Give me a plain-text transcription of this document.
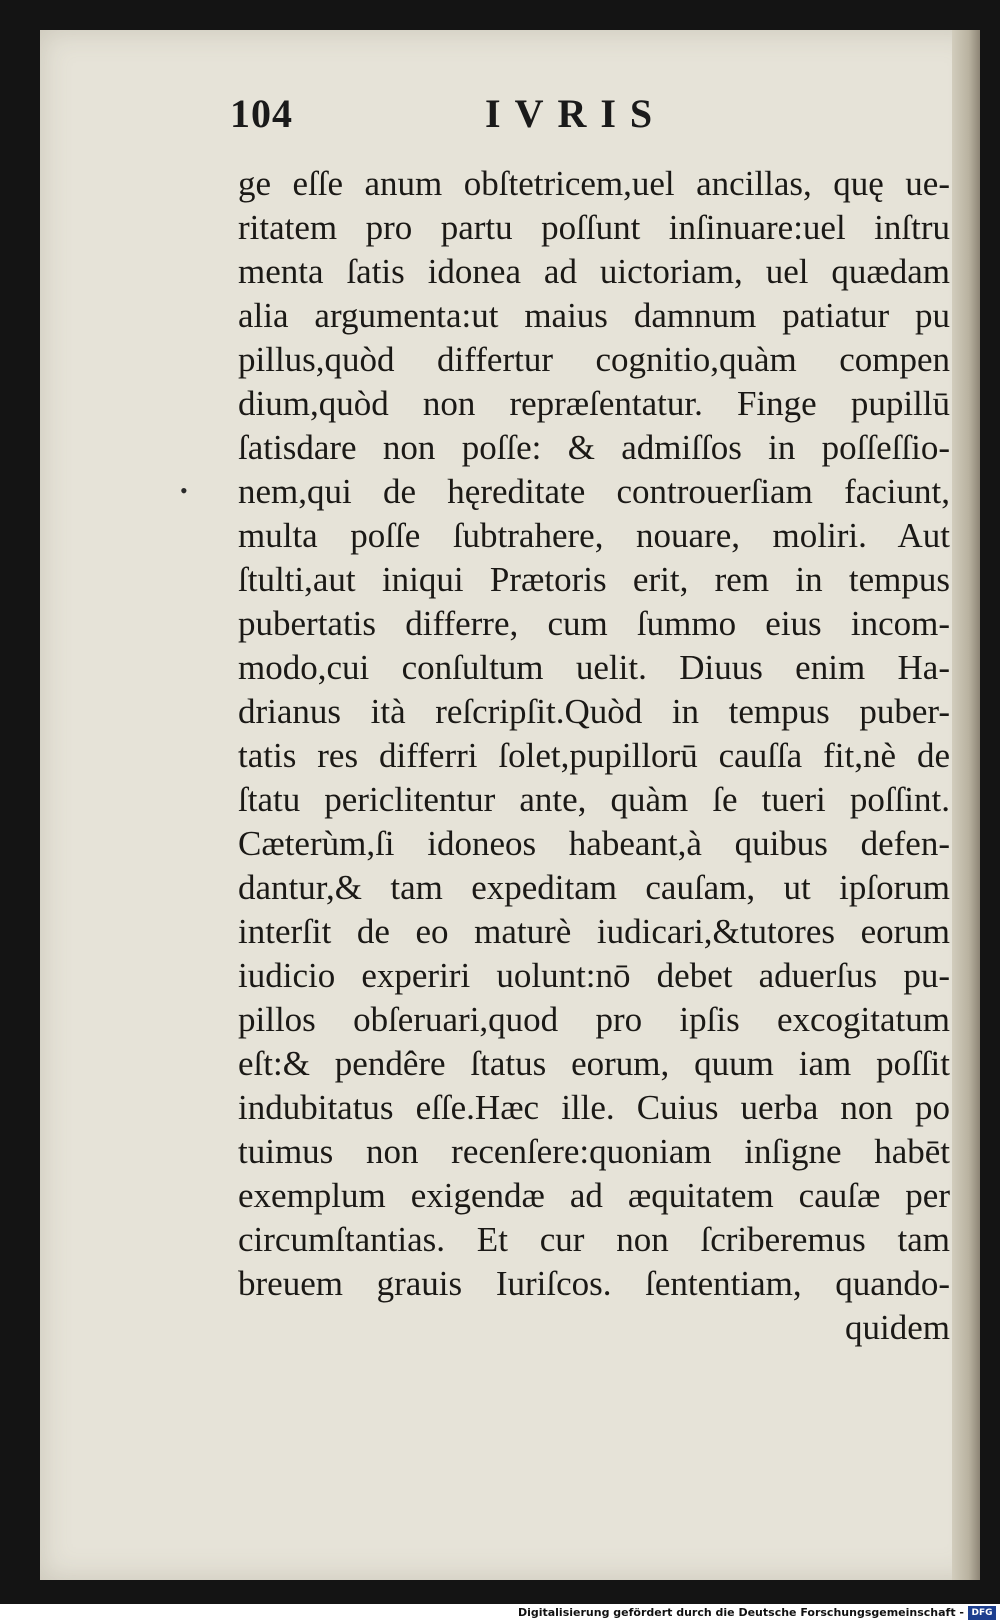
104	IVRIS
•
ge eſſe anum obſtetricem,uel ancillas, quę ue-
ritatem pro partu poſſunt inſinuare:uel inſtru
menta ſatis idonea ad uictoriam, uel quædam
alia argumenta:ut maius damnum patiatur pu
pillus,quòd differtur cognitio,quàm compen
dium,quòd non repræſentatur. Finge pupillū
ſatisdare non poſſe: & admiſſos in poſſeſſio-
nem,qui de hęreditate controuerſiam faciunt,
multa poſſe ſubtrahere, nouare, moliri. Aut
ſtulti,aut iniqui Prætoris erit, rem in tempus
pubertatis differre, cum ſummo eius incom-
modo,cui conſultum uelit. Diuus enim Ha-
drianus ità reſcripſit.Quòd in tempus puber-
tatis res differri ſolet,pupillorū cauſſa fit,nè de
ſtatu periclitentur ante, quàm ſe tueri poſſint.
Cæterùm,ſi idoneos habeant,à quibus defen-
dantur,& tam expeditam cauſam, ut ipſorum
interſit de eo maturè iudicari,&tutores eorum
iudicio experiri uolunt:nō debet aduerſus pu-
pillos obſeruari,quod pro ipſis excogitatum
eſt:& pendêre ſtatus eorum, quum iam poſſit
indubitatus eſſe.Hæc ille. Cuius uerba non po
tuimus non recenſere:quoniam inſigne habēt
exemplum exigendæ ad æquitatem cauſæ per
circumſtantias. Et cur non ſcriberemus tam
breuem grauis Iuriſcos. ſententiam, quando-
quidem
Digitalisierung gefördert durch die Deutsche Forschungsgemeinschaft - DFG
